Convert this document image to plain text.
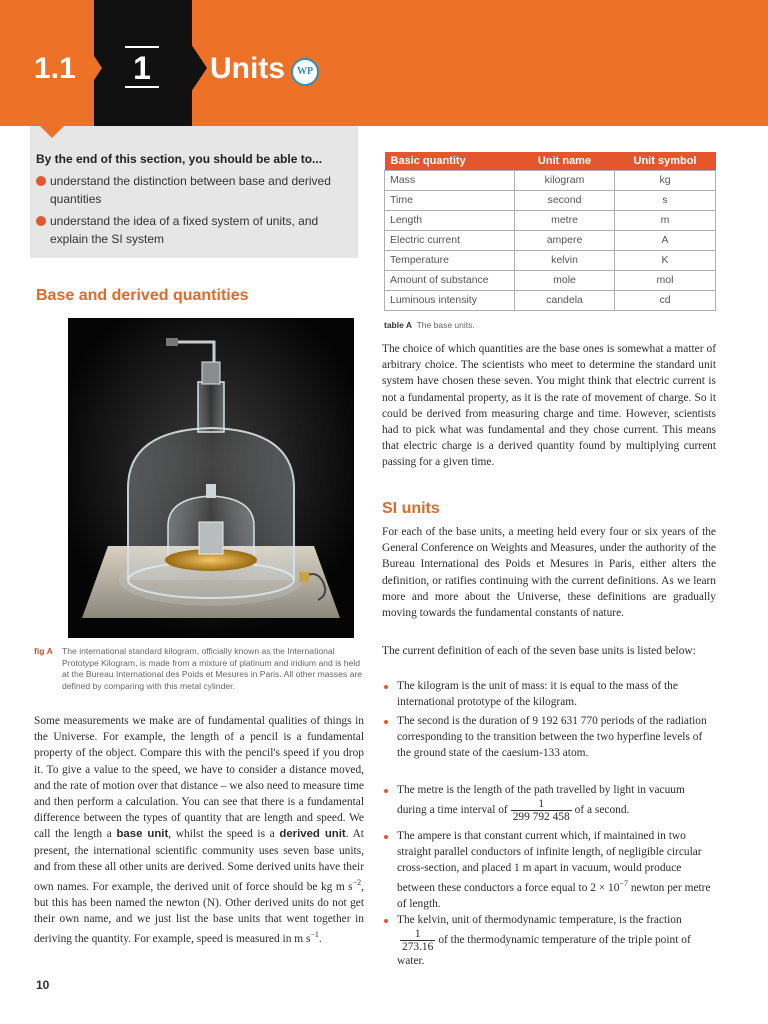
1.1 1	Units	WP
By the end of this section, you should be able to...
understand the distinction between base and derived quantities
understand the idea of a fixed system of units, and explain the SI system
Base and derived quantities
fig A	The international standard kilogram, officially known as the International Prototype Kilogram, is made from a mixture of platinum and iridium and is held at the Bureau International des Poids et Mesures in Paris. All other masses are defined by comparing with this metal cylinder.
Some measurements we make are of fundamental qualities of things in the Universe. For example, the length of a pencil is a fundamental property of the object. Compare this with the pencil's speed if you drop it. To give a value to the speed, we have to consider a distance moved, and the rate of motion over that distance – we also need to measure time and then perform a calculation. You can see that there is a fundamental difference between the types of quantity that are length and speed. We call the length a base unit, whilst the speed is a derived unit. At present, the international scientific community uses seven base units, and from these all other units are derived. Some derived units have their own names. For example, the derived unit of force should be kg m $s^{-2}$, but this has been named the newton (N). Other derived units do not get their own name, and we just list the base units that went together in deriving the quantity. For example, speed is measured in m $s^{-1}$.
Basic quantity	Unit name	Unit symbol
Mass	kilogram	kg
Time	second	s
Length	metre	m
Electric current	ampere	A
Temperature	kelvin	K
Amount of substance	mole	mol
Luminous intensity	candela	cd
table A The base units.
The choice of which quantities are the base ones is somewhat a matter of arbitrary choice. The scientists who meet to determine the standard unit system have chosen these seven. You might think that electric current is not a fundamental property, as it is the rate of movement of charge. So it could be derived from measuring charge and time. However, scientists had to pick what was fundamental and they chose current. This means that electric charge is a derived quantity found by multiplying current passing for a given time.
SI units
For each of the base units, a meeting held every four or six years of the General Conference on Weights and Measures, under the authority of the Bureau International des Poids et Mesures in Paris, either alters the definition, or ratifies continuing with the current definitions. As we learn more and more about the Universe, these definitions are gradually moving towards the fundamental constants of nature.
The current definition of each of the seven base units is listed below:
The kilogram is the unit of mass: it is equal to the mass of the international prototype of the kilogram.
The second is the duration of 9 192 631 770 periods of the radiation corresponding to the transition between the two hyperfine levels of the ground state of the caesium-133 atom.
The metre is the length of the path travelled by light in vacuum during a time interval of $\frac{1}{299 792 458}$ of a second.
The ampere is that constant current which, if maintained in two straight parallel conductors of infinite length, of negligible circular cross-section, and placed 1 m apart in vacuum, would produce between these conductors a force equal to $2 \times 10^{-7}$ newton per metre of length.
The kelvin, unit of thermodynamic temperature, is the fraction

$\frac{1}{273.16}$ of the thermodynamic temperature of the triple point of water.
10
